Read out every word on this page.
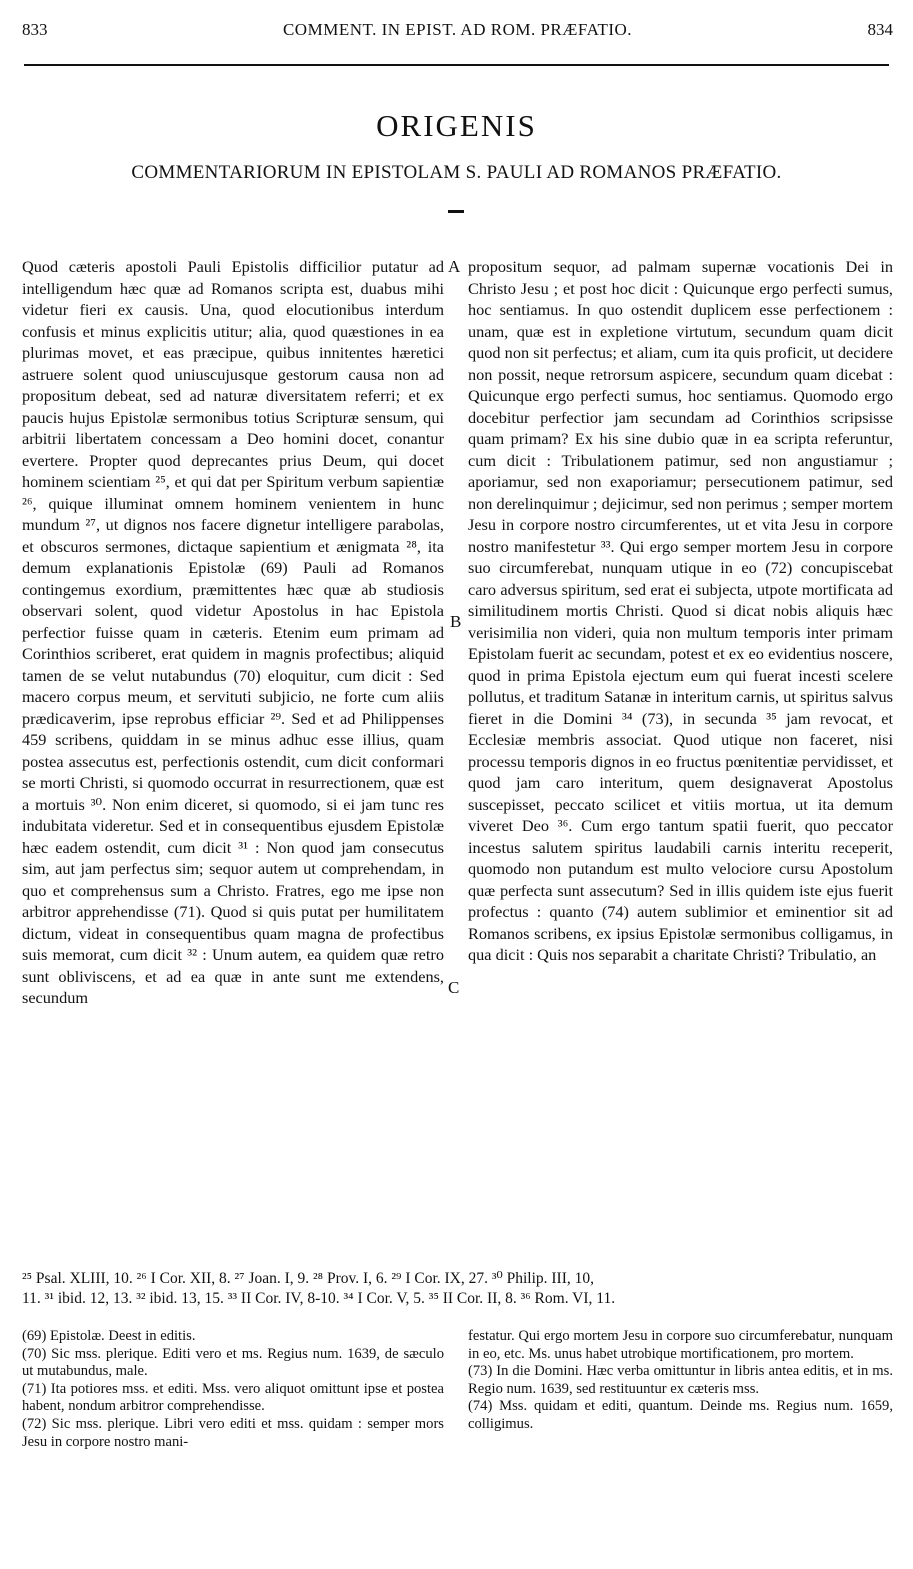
833	COMMENT. IN EPIST. AD ROM. PRÆFATIO.	834
ORIGENIS
COMMENTARIORUM IN EPISTOLAM S. PAULI AD ROMANOS PRÆFATIO.

Quod cæteris apostoli Pauli Epistolis difficilior putatur ad intelligendum hæc quæ ad Romanos scripta est, duabus mihi videtur fieri ex causis. Una, quod elocutionibus interdum confusis et minus explicitis utitur; alia, quod quæstiones in ea plurimas movet, et eas præcipue, quibus innitentes hæretici astruere solent quod uniuscujusque gestorum causa non ad propositum debeat, sed ad naturæ diversitatem referri; et ex paucis hujus Epistolæ sermonibus totius Scripturæ sensum, qui arbitrii libertatem concessam a Deo homini docet, conantur evertere. Propter quod deprecantes prius Deum, qui docet hominem scientiam ²⁵, et qui dat per Spiritum verbum sapientiæ ²⁶, quique illuminat omnem hominem venientem in hunc mundum ²⁷, ut dignos nos facere dignetur intelligere parabolas, et obscuros sermones, dictaque sapientium et ænigmata ²⁸, ita demum explanationis Epistolæ (69) Pauli ad Romanos contingemus exordium, præmittentes hæc quæ ab studiosis observari solent, quod videtur Apostolus in hac Epistola perfectior fuisse quam in cæteris. Etenim eum primam ad Corinthios scriberet, erat quidem in magnis profectibus; aliquid tamen de se velut nutabundus (70) eloquitur, cum dicit : Sed macero corpus meum, et servituti subjicio, ne forte cum aliis prædicaverim, ipse reprobus efficiar ²⁹. Sed et ad Philippenses 459 scribens, quiddam in se minus adhuc esse illius, quam postea assecutus est, perfectionis ostendit, cum dicit conformari se morti Christi, si quomodo occurrat in resurrectionem, quæ est a mortuis ³⁰. Non enim diceret, si quomodo, si ei jam tunc res indubitata videretur. Sed et in consequentibus ejusdem Epistolæ hæc eadem ostendit, cum dicit ³¹ : Non quod jam consecutus sim, aut jam perfectus sim; sequor autem ut comprehendam, in quo et comprehensus sum a Christo. Fratres, ego me ipse non arbitror apprehendisse (71). Quod si quis putat per humilitatem dictum, videat in consequentibus quam magna de profectibus suis memorat, cum dicit ³² : Unum autem, ea quidem quæ retro sunt obliviscens, et ad ea quæ in ante sunt me extendens, secundum

A
B
C

propositum sequor, ad palmam supernæ vocationis Dei in Christo Jesu ; et post hoc dicit : Quicunque ergo perfecti sumus, hoc sentiamus. In quo ostendit duplicem esse perfectionem : unam, quæ est in expletione virtutum, secundum quam dicit quod non sit perfectus; et aliam, cum ita quis proficit, ut decidere non possit, neque retrorsum aspicere, secundum quam dicebat : Quicunque ergo perfecti sumus, hoc sentiamus. Quomodo ergo docebitur perfectior jam secundam ad Corinthios scripsisse quam primam? Ex his sine dubio quæ in ea scripta referuntur, cum dicit : Tribulationem patimur, sed non angustiamur ; aporiamur, sed non exaporiamur; persecutionem patimur, sed non derelinquimur ; dejicimur, sed non perimus ; semper mortem Jesu in corpore nostro circumferentes, ut et vita Jesu in corpore nostro manifestetur ³³. Qui ergo semper mortem Jesu in corpore suo circumferebat, nunquam utique in eo (72) concupiscebat caro adversus spiritum, sed erat ei subjecta, utpote mortificata ad similitudinem mortis Christi. Quod si dicat nobis aliquis hæc verisimilia non videri, quia non multum temporis inter primam Epistolam fuerit ac secundam, potest et ex eo evidentius noscere, quod in prima Epistola ejectum eum qui fuerat incesti scelere pollutus, et traditum Satanæ in interitum carnis, ut spiritus salvus fieret in die Domini ³⁴ (73), in secunda ³⁵ jam revocat, et Ecclesiæ membris associat. Quod utique non faceret, nisi processu temporis dignos in eo fructus pœnitentiæ pervidisset, et quod jam caro interitum, quem designaverat Apostolus suscepisset, peccato scilicet et vitiis mortua, ut ita demum viveret Deo ³⁶. Cum ergo tantum spatii fuerit, quo peccator incestus salutem spiritus laudabili carnis interitu receperit, quomodo non putandum est multo velociore cursu Apostolum quæ perfecta sunt assecutum? Sed in illis quidem iste ejus fuerit profectus : quanto (74) autem sublimior et eminentior sit ad Romanos scribens, ex ipsius Epistolæ sermonibus colligamus, in qua dicit : Quis nos separabit a charitate Christi? Tribulatio, an

²⁵ Psal. XLIII, 10. ²⁶ I Cor. XII, 8. ²⁷ Joan. I, 9. ²⁸ Prov. I, 6. ²⁹ I Cor. IX, 27. ³⁰ Philip. III, 10,

11. ³¹ ibid. 12, 13. ³² ibid. 13, 15. ³³ II Cor. IV, 8-10. ³⁴ I Cor. V, 5. ³⁵ II Cor. II, 8. ³⁶ Rom. VI, 11.

(69) Epistolæ. Deest in editis.

(70) Sic mss. plerique. Editi vero et ms. Regius num. 1639, de sæculo ut mutabundus, male.

(71) Ita potiores mss. et editi. Mss. vero aliquot omittunt ipse et postea habent, nondum arbitror comprehendisse.

(72) Sic mss. plerique. Libri vero editi et mss. quidam : semper mors Jesu in corpore nostro mani-

festatur. Qui ergo mortem Jesu in corpore suo circumferebatur, nunquam in eo, etc. Ms. unus habet utrobique mortificationem, pro mortem.

(73) In die Domini. Hæc verba omittuntur in libris antea editis, et in ms. Regio num. 1639, sed restituuntur ex cæteris mss.

(74) Mss. quidam et editi, quantum. Deinde ms. Regius num. 1659, colligimus.
